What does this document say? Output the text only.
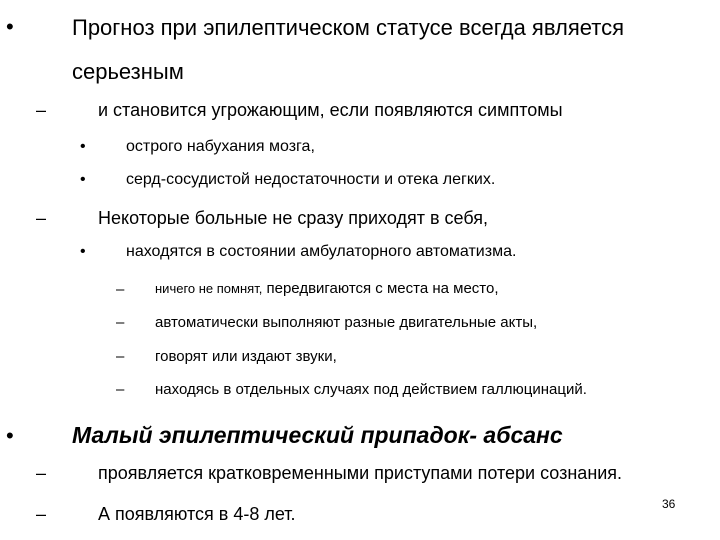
•	Прогноз при эпилептическом статусе всегда является
серьезным
–	и становится угрожающим, если появляются симптомы
•	острого набухания мозга,
•	серд-сосудистой недостаточности и отека легких.
–	Некоторые больные не сразу приходят в себя,
•	находятся в состоянии амбулаторного автоматизма.
– ничего не помнят, передвигаются с места на место,
– автоматически выполняют разные двигательные акты,
– говорят или издают звуки,
– находясь в отдельных случаях под действием галлюцинаций.
•	Малый эпилептический припадок- абсанс
–	проявляется кратковременными приступами потери сознания.
–	А появляются в 4-8 лет.	36
